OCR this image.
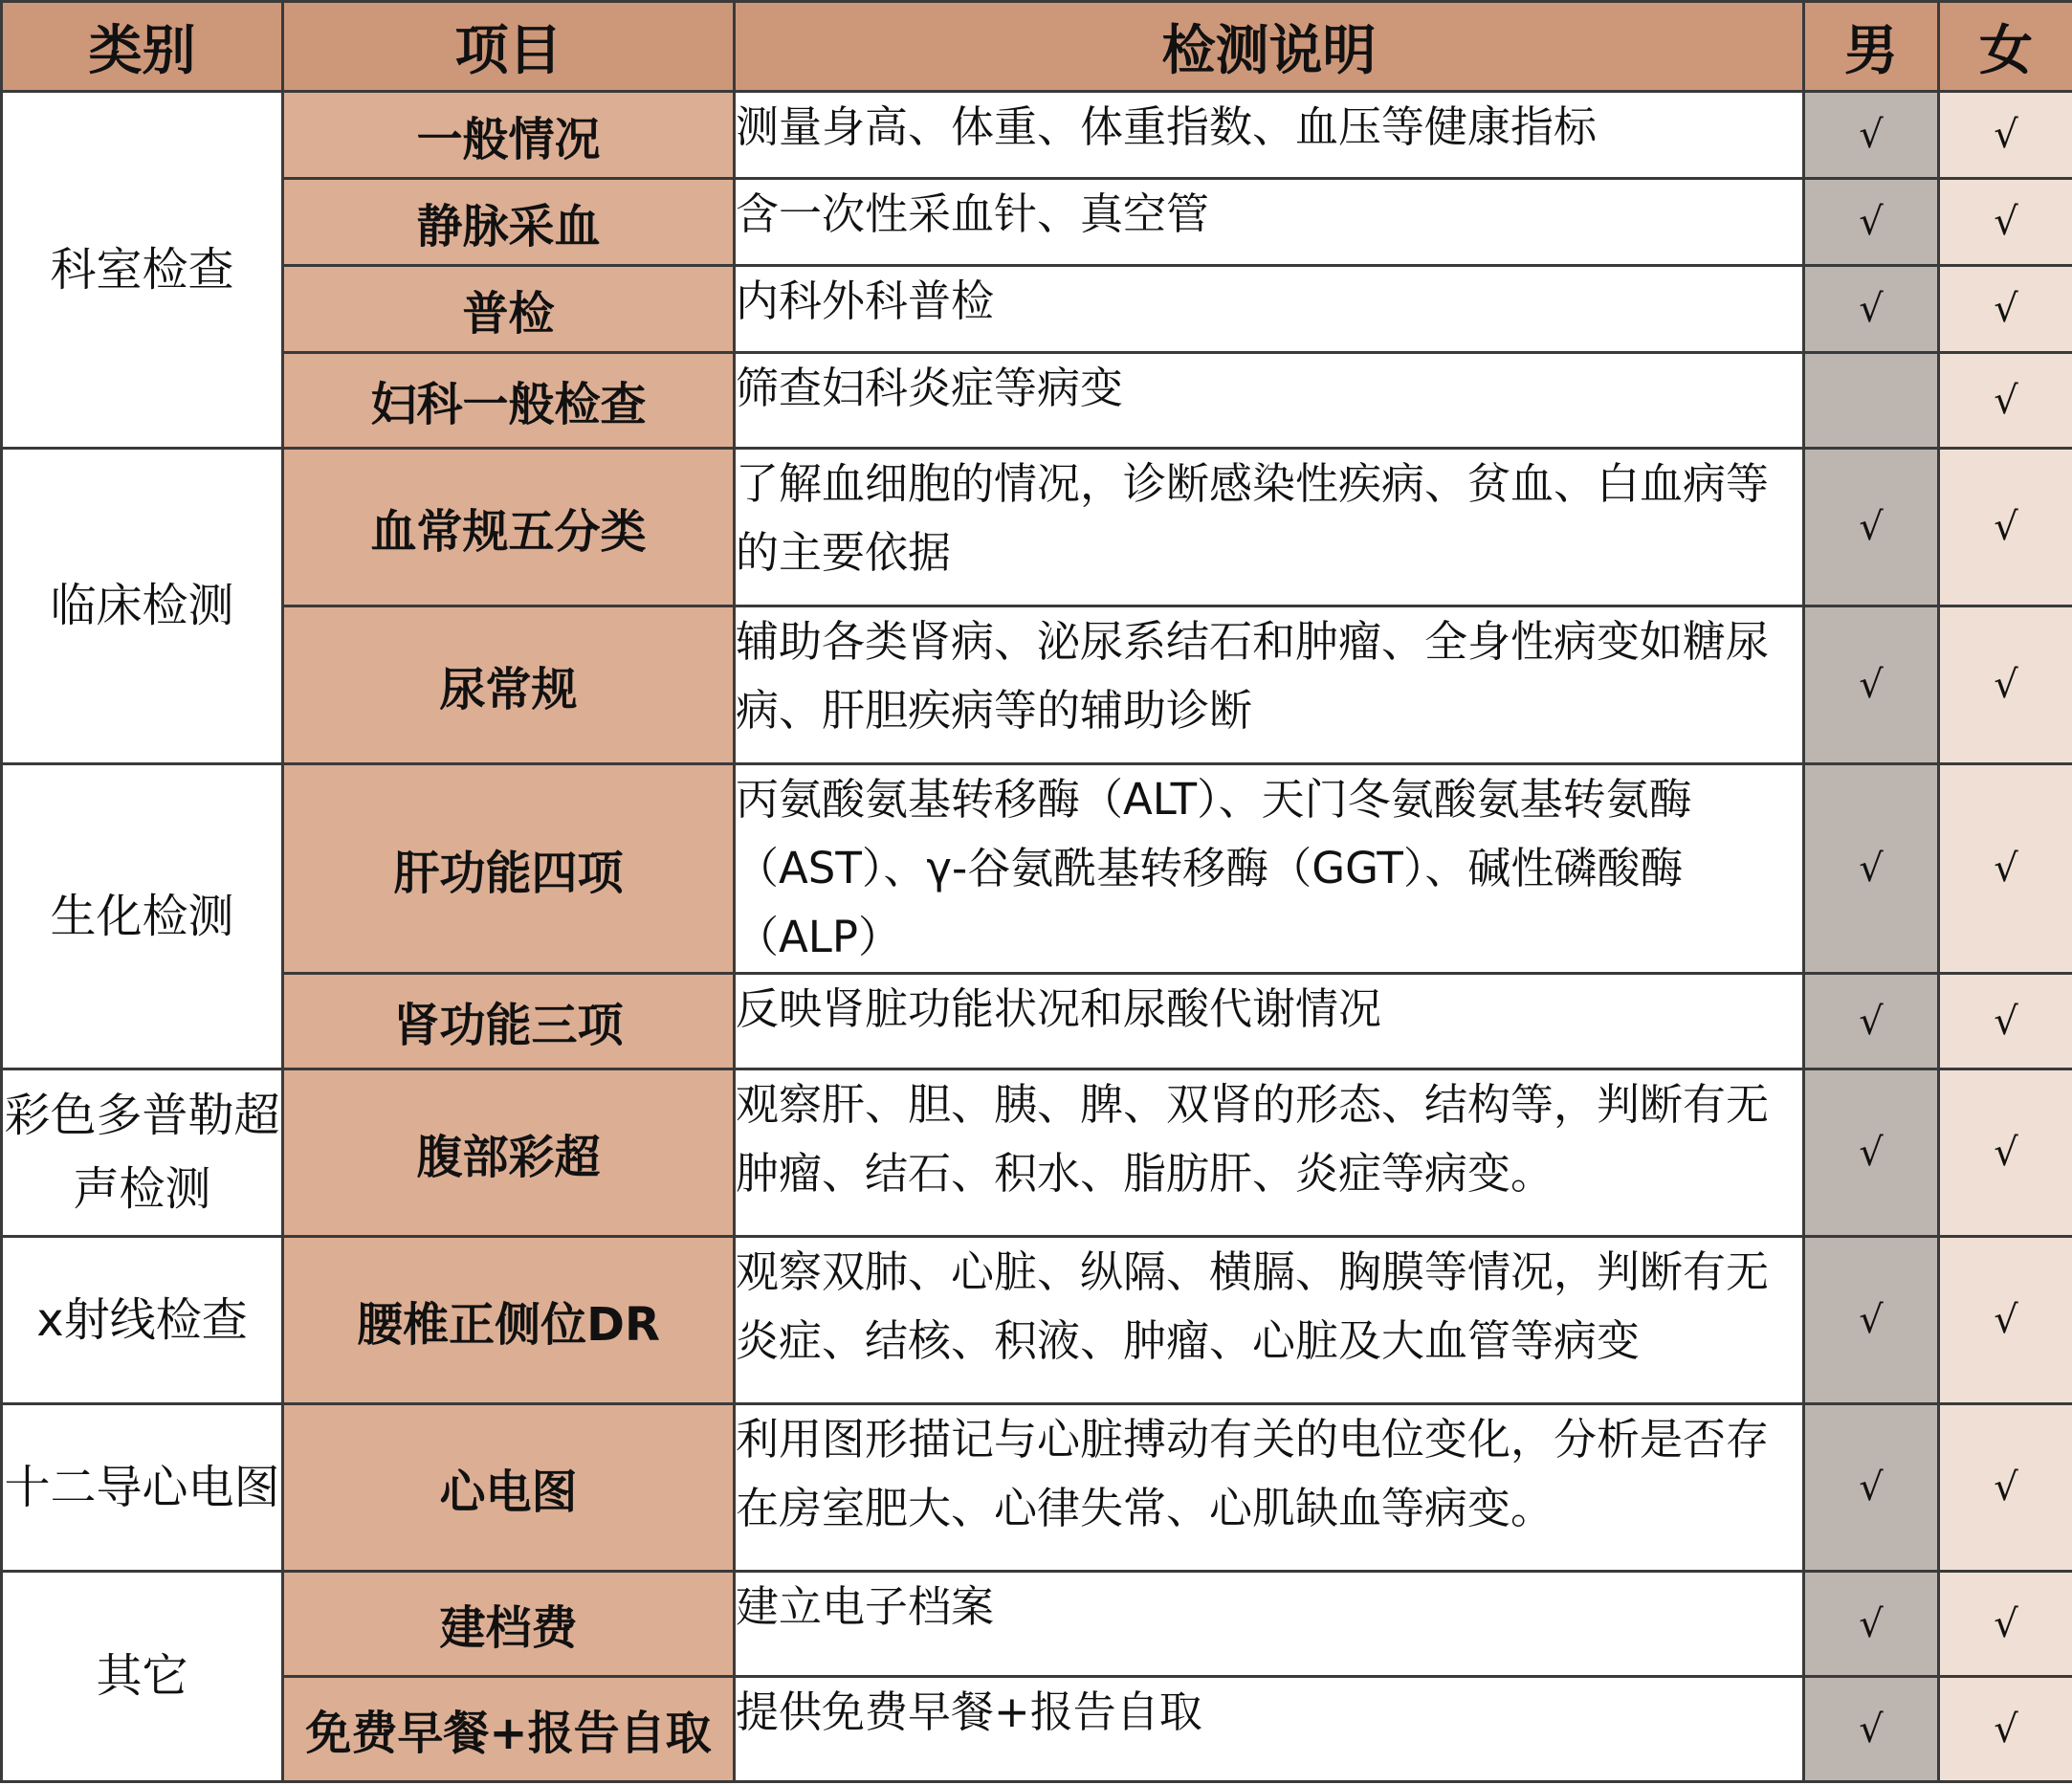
类别	项目	检测说明	男	女
科室检查	一般情况	测量身高、体重、体重指数、血压等健康指标	√	√
	静脉采血	含一次性采血针、真空管	√	√
	普检	内科外科普检	√	√
	妇科一般检查	筛查妇科炎症等病变		√
临床检测	血常规五分类	了解血细胞的情况，诊断感染性疾病、贫血、白血病等的主要依据	√	√
	尿常规	辅助各类肾病、泌尿系结石和肿瘤、全身性病变如糖尿病、肝胆疾病等的辅助诊断	√	√
生化检测	肝功能四项	丙氨酸氨基转移酶（ALT）、天门冬氨酸氨基转氨酶（AST）、γ-谷氨酰基转移酶（GGT）、碱性磷酸酶（ALP）	√	√
	肾功能三项	反映肾脏功能状况和尿酸代谢情况	√	√
彩色多普勒超声检测	腹部彩超	观察肝、胆、胰、脾、双肾的形态、结构等，判断有无肿瘤、结石、积水、脂肪肝、炎症等病变。	√	√
x射线检查	腰椎正侧位DR	观察双肺、心脏、纵隔、横膈、胸膜等情况，判断有无炎症、结核、积液、肿瘤、心脏及大血管等病变	√	√
十二导心电图	心电图	利用图形描记与心脏搏动有关的电位变化，分析是否存在房室肥大、心律失常、心肌缺血等病变。	√	√
其它	建档费	建立电子档案	√	√
	免费早餐+报告自取	提供免费早餐+报告自取	√	√
